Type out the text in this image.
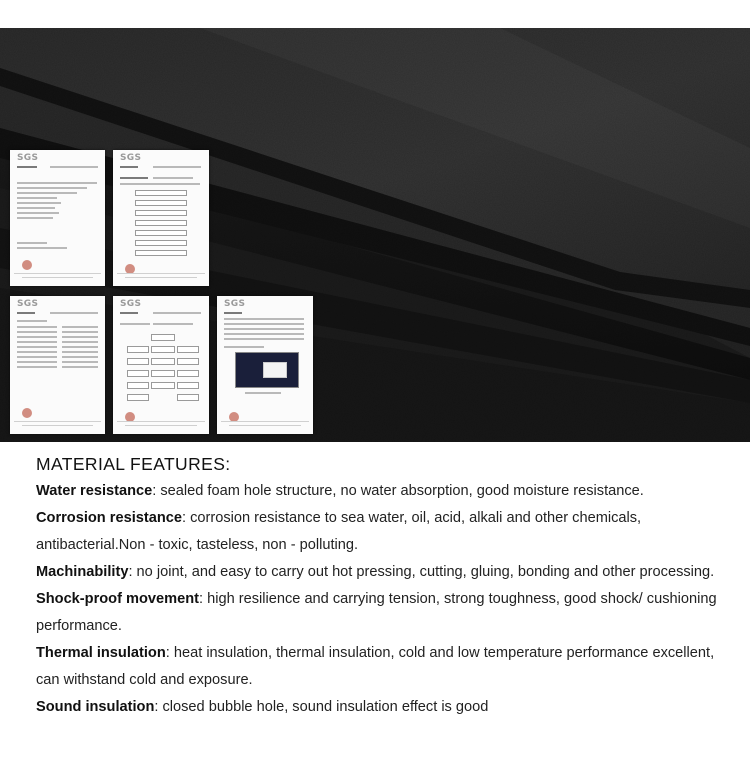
SGS	SGS
SGS	SGS	SGS
MATERIAL FEATURES:
Water resistance: sealed foam hole structure, no water absorption, good moisture resistance.
Corrosion resistance: corrosion resistance to sea water, oil, acid, alkali and other chemicals, antibacterial.Non - toxic, tasteless, non - polluting.
Machinability: no joint, and easy to carry out hot pressing, cutting, gluing, bonding and other processing.
Shock-proof movement: high resilience and carrying tension, strong toughness, good shock/ cushioning performance.
Thermal insulation: heat insulation, thermal insulation, cold and low temperature performance excellent, can withstand cold and exposure.
Sound insulation: closed bubble hole, sound insulation effect is good
